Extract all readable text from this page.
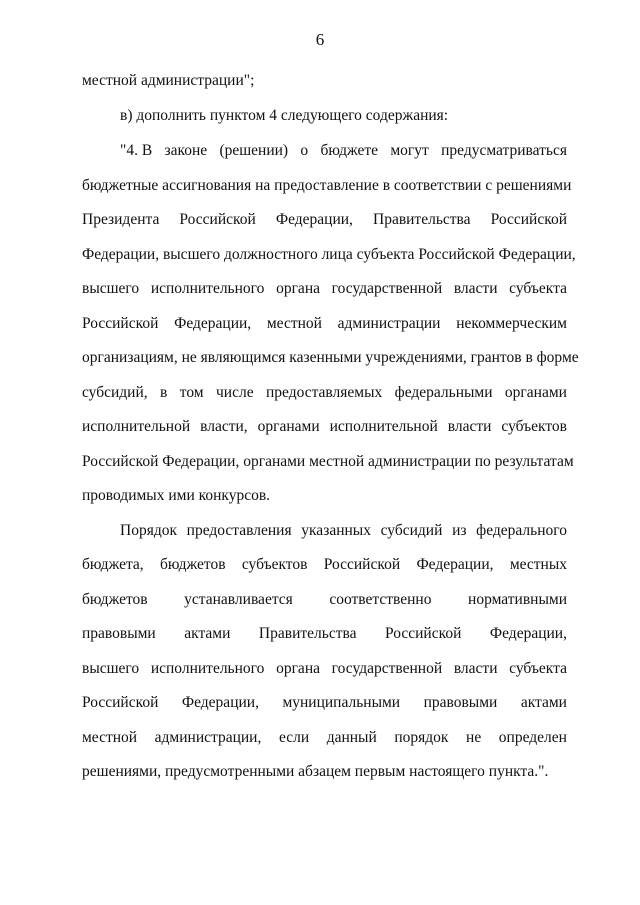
6
местной администрации";
в) дополнить пунктом 4 следующего содержания:
"4. В законе (решении) о бюджете могут предусматриваться
бюджетные ассигнования на предоставление в соответствии с решениями
Президента Российской Федерации, Правительства Российской
Федерации, высшего должностного лица субъекта Российской Федерации,
высшего исполнительного органа государственной власти субъекта
Российской Федерации, местной администрации некоммерческим
организациям, не являющимся казенными учреждениями, грантов в форме
субсидий, в том числе предоставляемых федеральными органами
исполнительной власти, органами исполнительной власти субъектов
Российской Федерации, органами местной администрации по результатам
проводимых ими конкурсов.
Порядок предоставления указанных субсидий из федерального
бюджета, бюджетов субъектов Российской Федерации, местных
бюджетов устанавливается соответственно нормативными
правовыми актами Правительства Российской Федерации,
высшего исполнительного органа государственной власти субъекта
Российской Федерации, муниципальными правовыми актами
местной администрации, если данный порядок не определен
решениями, предусмотренными абзацем первым настоящего пункта.".
